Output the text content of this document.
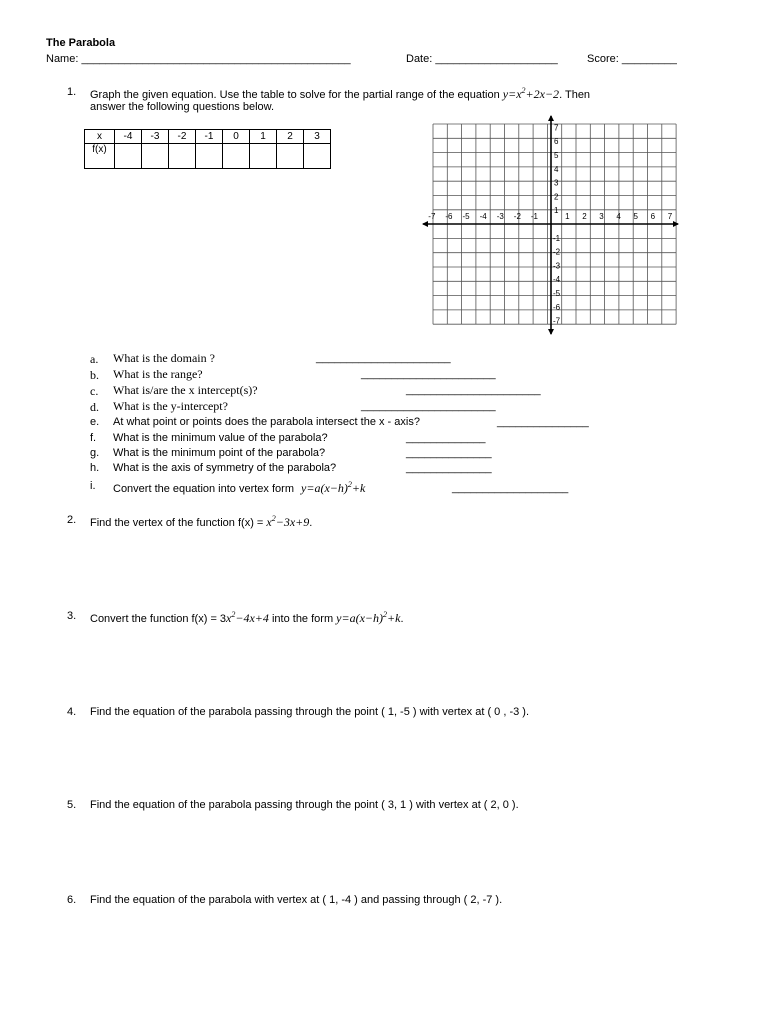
The Parabola
Name: ____________________________________________	Date: ____________________	Score: _________
1. Graph the given equation. Use the table to solve for the partial range of the equation $y=x^2+2x-2$. Then
answer the following questions below.
x	-4	-3	-2	-1	0	1	2	3
f(x)								
-7 -6 -5 -4 -3 -2 -1	1 2 3 4 5 6 7
7
6
5
4
3
2
1
-1
-2
-3
-4
-5
-6
-7
a. What is the domain ?	______________________
b. What is the range?	______________________
c. What is/are the x intercept(s)?	______________________
d. What is the y-intercept?	______________________
e. At what point or points does the parabola intersect the x - axis?	_______________
f. What is the minimum value of the parabola?	_____________
g. What is the minimum point of the parabola?	______________
h. What is the axis of symmetry of the parabola?	______________
i. Convert the equation into vertex form $y=a(x-h)^2+k$	___________________
2. Find the vertex of the function $f(x) = x^2-3x+9$.
3. Convert the function $f(x) = 3x^2-4x+4$ into the form $y=a(x-h)^2+k$.
4. Find the equation of the parabola passing through the point ( 1, -5 ) with vertex at ( 0 , -3 ).
5. Find the equation of the parabola passing through the point ( 3, 1 ) with vertex at ( 2, 0 ).
6. Find the equation of the parabola with vertex at ( 1, -4 ) and passing through ( 2, -7 ).
